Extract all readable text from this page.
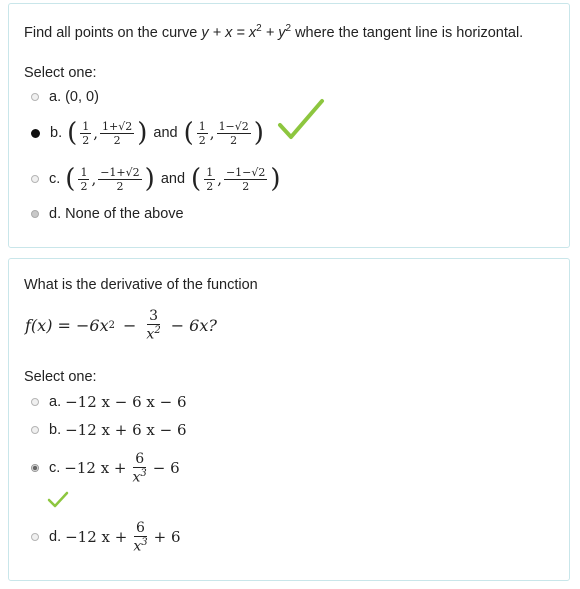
Find all points on the curve $y + x = x^2 + y^2$ where the tangent line is horizontal.
Select one:
a. (0, 0)
b. ( $\frac{1}{2}$ , $\frac{1+√2}{2}$ ) and ( $\frac{1}{2}$ , $\frac{1-√2}{2}$ )
c. ( $\frac{1}{2}$ , $\frac{-1+√2}{2}$ ) and ( $\frac{1}{2}$ , $\frac{-1-√2}{2}$ )
d. None of the above
What is the derivative of the function
f(x) = −6x $2 - \frac{3}{x^2} - 6x$?
Select one:
a. −12 x − 6 x − 6
b. −12 x + 6 x − 6
c. −12 $x + \frac{6}{x^3} - 6$
d. −12 $x + \frac{6}{x^3} + 6$
